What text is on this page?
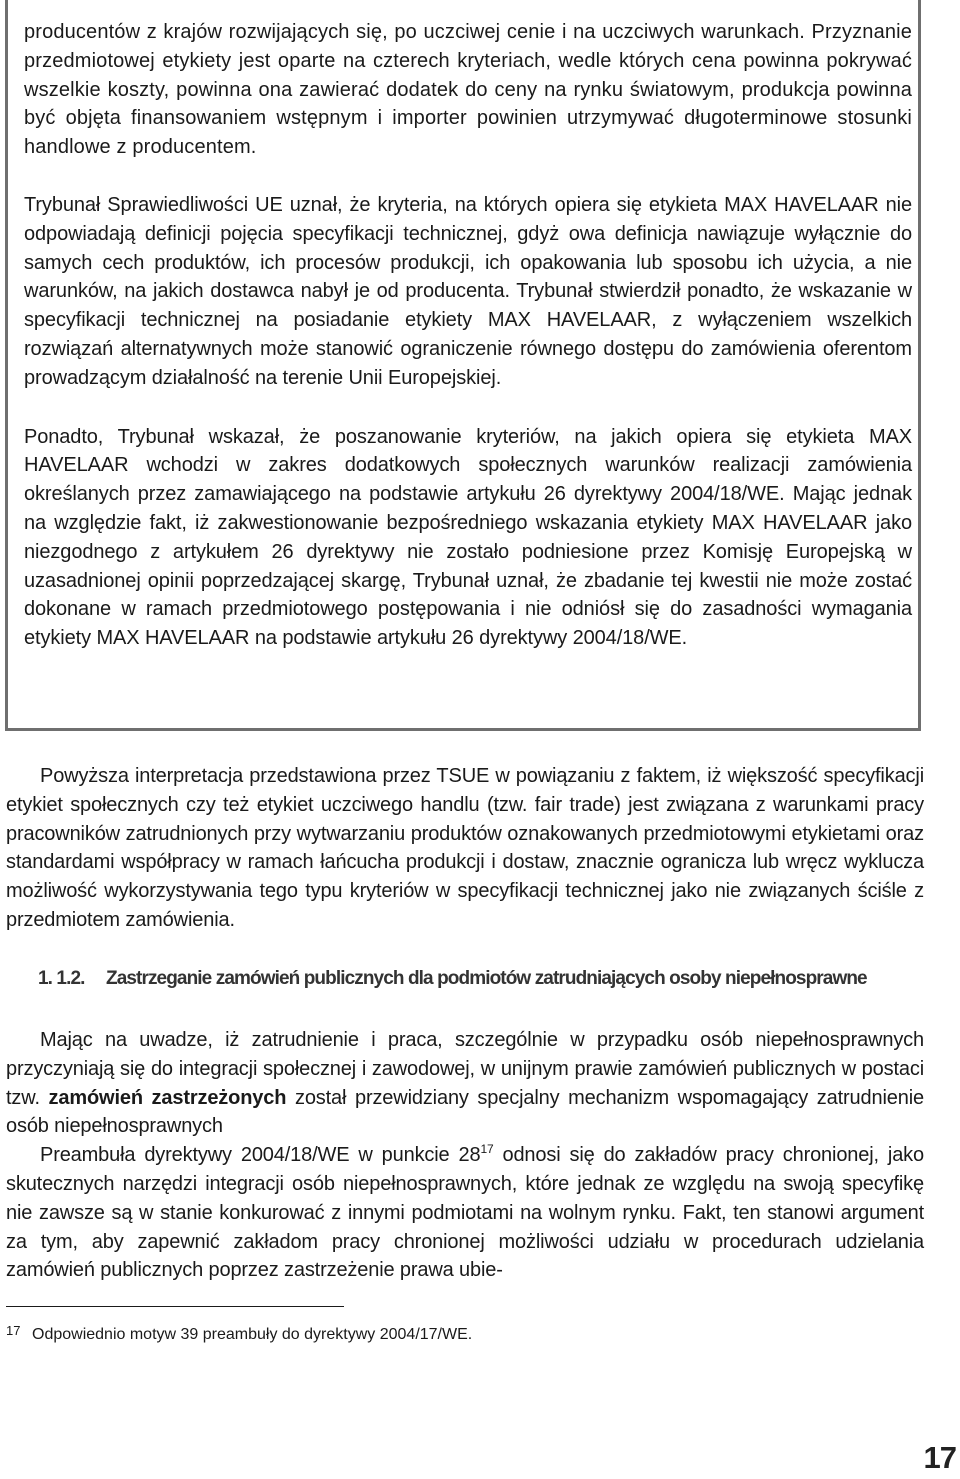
producentów z krajów rozwijających się, po uczciwej cenie i na uczciwych warunkach. Przyznanie przedmiotowej etykiety jest oparte na czterech kryteriach, wedle których cena powinna pokrywać wszelkie koszty, powinna ona zawierać dodatek do ceny na rynku światowym, produkcja powinna być objęta finansowaniem wstępnym i importer powinien utrzymywać długoterminowe stosunki handlowe z producentem.

Trybunał Sprawiedliwości UE uznał, że kryteria, na których opiera się etykieta MAX HAVELAAR nie odpowiadają definicji pojęcia specyfikacji technicznej, gdyż owa definicja nawiązuje wyłącznie do samych cech produktów, ich procesów produkcji, ich opakowania lub sposobu ich użycia, a nie warunków, na jakich dostawca nabył je od producenta. Trybunał stwierdził ponadto, że wskazanie w specyfikacji technicznej na posiadanie etykiety MAX HAVELAAR, z wyłączeniem wszelkich rozwiązań alternatywnych może stanowić ograniczenie równego dostępu do zamówienia oferentom prowadzącym działalność na terenie Unii Europejskiej.

Ponadto, Trybunał wskazał, że poszanowanie kryteriów, na jakich opiera się etykieta MAX HAVELAAR wchodzi w zakres dodatkowych społecznych warunków realizacji zamówienia określanych przez zamawiającego na podstawie artykułu 26 dyrektywy 2004/18/WE. Mając jednak na względzie fakt, iż zakwestionowanie bezpośredniego wskazania etykiety MAX HAVELAAR jako niezgodnego z artykułem 26 dyrektywy nie zostało podniesione przez Komisję Europejską w uzasadnionej opinii poprzedzającej skargę, Trybunał uznał, że zbadanie tej kwestii nie może zostać dokonane w ramach przedmiotowego postępowania i nie odniósł się do zasadności wymagania etykiety MAX HAVELAAR na podstawie artykułu 26 dyrektywy 2004/18/WE.

Powyższa interpretacja przedstawiona przez TSUE w powiązaniu z faktem, iż większość specyfikacji etykiet społecznych czy też etykiet uczciwego handlu (tzw. fair trade) jest związana z warunkami pracy pracowników zatrudnionych przy wytwarzaniu produktów oznakowanych przedmiotowymi etykietami oraz standardami współpracy w ramach łańcucha produkcji i dostaw, znacznie ogranicza lub wręcz wyklucza możliwość wykorzystywania tego typu kryteriów w specyfikacji technicznej jako nie związanych ściśle z przedmiotem zamówienia.

1. 1.2. Zastrzeganie zamówień publicznych dla podmiotów zatrudniających osoby niepełnosprawne

Mając na uwadze, iż zatrudnienie i praca, szczególnie w przypadku osób niepełnosprawnych przyczyniają się do integracji społecznej i zawodowej, w unijnym prawie zamówień publicznych w postaci tzw. zamówień zastrzeżonych został przewidziany specjalny mechanizm wspomagający zatrudnienie osób niepełnosprawnych

Preambuła dyrektywy 2004/18/WE w punkcie $28^{17}$ odnosi się do zakładów pracy chronionej, jako skutecznych narzędzi integracji osób niepełnosprawnych, które jednak ze względu na swoją specyfikę nie zawsze są w stanie konkurować z innymi podmiotami na wolnym rynku. Fakt, ten stanowi argument za tym, aby zapewnić zakładom pracy chronionej możliwości udziału w procedurach udzielania zamówień publicznych poprzez zastrzeżenie prawa ubie-

17 Odpowiednio motyw 39 preambuły do dyrektywy 2004/17/WE.
17
